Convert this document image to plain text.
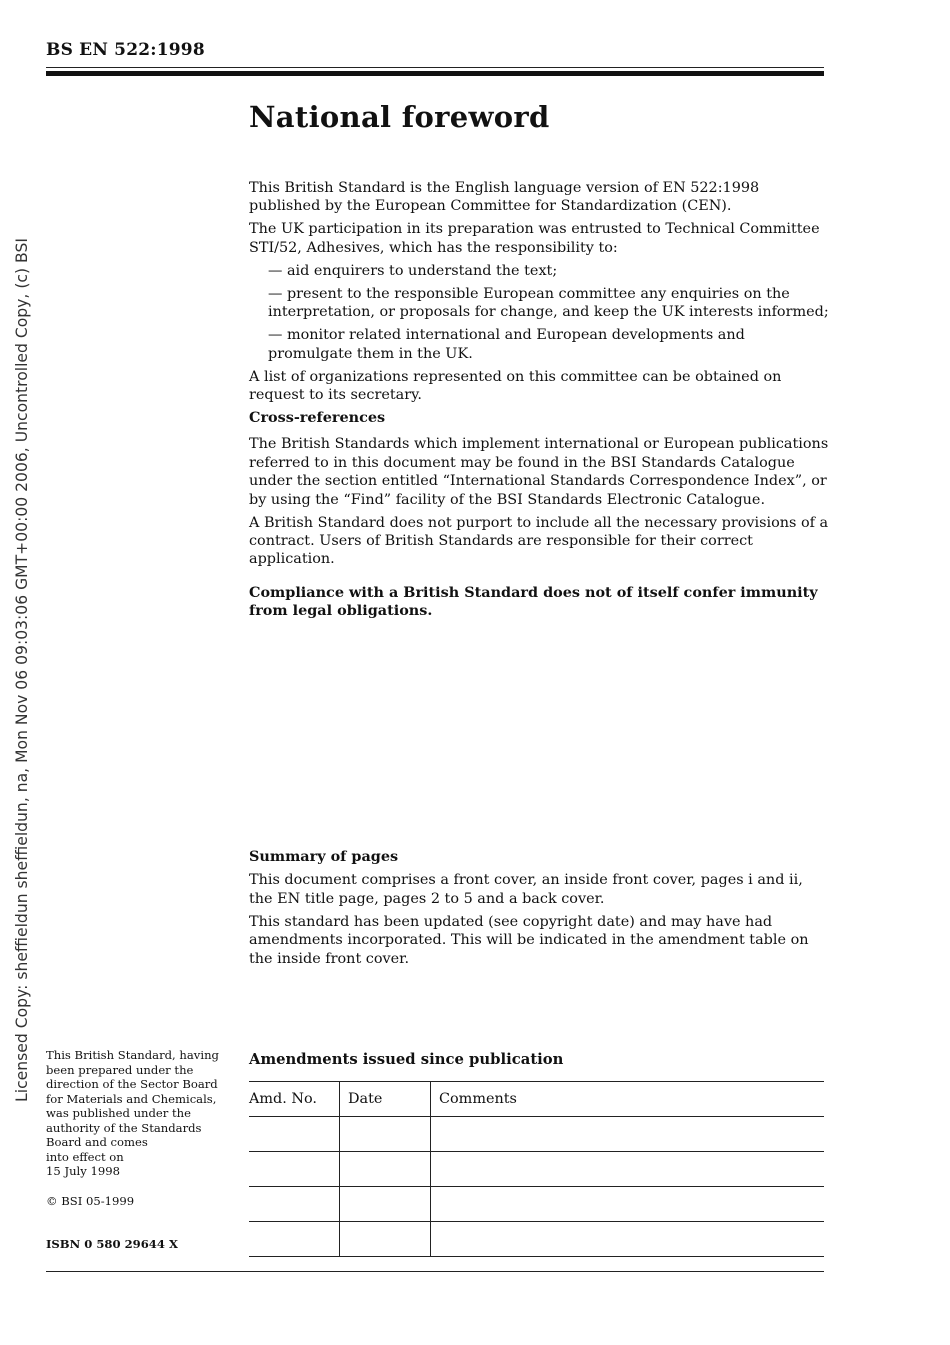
BS EN 522:1998
Licensed Copy: sheffieldun sheffieldun, na, Mon Nov 06 09:03:06 GMT+00:00 2006, Uncontrolled Copy, (c) BSI
National foreword

This British Standard is the English language version of EN 522:1998 published by the European Committee for Standardization (CEN).

The UK participation in its preparation was entrusted to Technical Committee STI/52, Adhesives, which has the responsibility to:

— aid enquirers to understand the text;

— present to the responsible European committee any enquiries on the interpretation, or proposals for change, and keep the UK interests informed;

— monitor related international and European developments and promulgate them in the UK.

A list of organizations represented on this committee can be obtained on request to its secretary.

Cross-references

The British Standards which implement international or European publications referred to in this document may be found in the BSI Standards Catalogue under the section entitled “International Standards Correspondence Index”, or by using the “Find” facility of the BSI Standards Electronic Catalogue.

A British Standard does not purport to include all the necessary provisions of a contract. Users of British Standards are responsible for their correct application.

Compliance with a British Standard does not of itself confer immunity from legal obligations.

Summary of pages

This document comprises a front cover, an inside front cover, pages i and ii, the EN title page, pages 2 to 5 and a back cover.

This standard has been updated (see copyright date) and may have had amendments incorporated. This will be indicated in the amendment table on the inside front cover.

This British Standard, having

been prepared under the

direction of the Sector Board

for Materials and Chemicals,

was published under the

authority of the Standards

Board and comes

into effect on

15 July 1998

© BSI 05-1999
ISBN 0 580 29644 X
Amendments issued since publication
Amd. No.	Date	Comments
